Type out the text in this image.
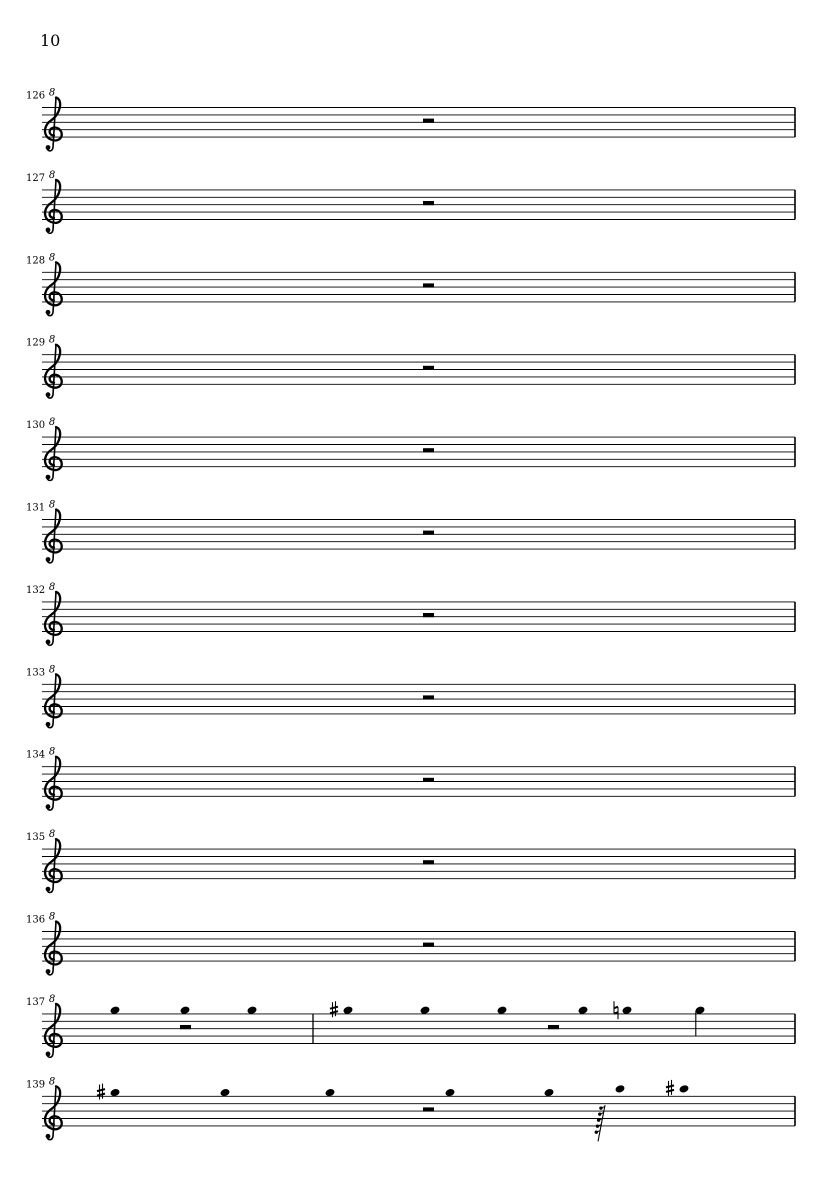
10
126 8
127 8
128 8
129 8
130 8
131 8
132 8
133 8
134 8
135 8
136 8
137 8
139 8
